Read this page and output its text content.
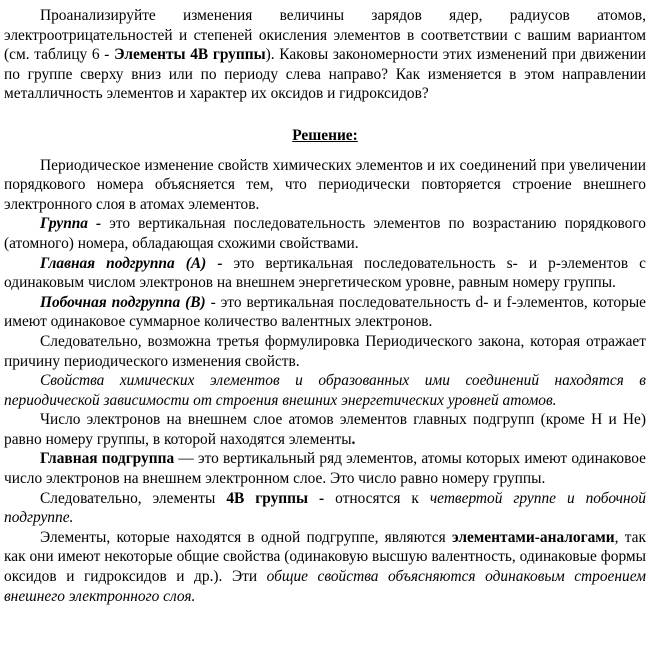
Проанализируйте изменения величины зарядов ядер, радиусов атомов, электроотрицательностей и степеней окисления элементов в соответствии с вашим вариантом (см. таблицу 6 - Элементы 4В группы). Каковы закономерности этих изменений при движении по группе сверху вниз или по периоду слева направо? Как изменяется в этом направлении металличность элементов и характер их оксидов и гидроксидов?

Решение:

Периодическое изменение свойств химических элементов и их соединений при увеличении порядкового номера объясняется тем, что периодически повторяется строение внешнего электронного слоя в атомах элементов.

Группа - это вертикальная последовательность элементов по возрастанию порядкового (атомного) номера, обладающая схожими свойствами.

Главная подгруппа (А) - это вертикальная последовательность s- и p-элементов с одинаковым числом электронов на внешнем энергетическом уровне, равным номеру группы.

Побочная подгруппа (В) - это вертикальная последовательность d- и f-элементов, которые имеют одинаковое суммарное количество валентных электронов.

Следовательно, возможна третья формулировка Периодического закона, которая отражает причину периодического изменения свойств.

Свойства химических элементов и образованных ими соединений находятся в периодической зависимости от строения внешних энергетических уровней атомов.

Число электронов на внешнем слое атомов элементов главных подгрупп (кроме H и He) равно номеру группы, в которой находятся элементы.

Главная подгруппа — это вертикальный ряд элементов, атомы которых имеют одинаковое число электронов на внешнем электронном слое. Это число равно номеру группы.

Следовательно, элементы 4В группы - относятся к четвертой группе и побочной подгруппе.

Элементы, которые находятся в одной подгруппе, являются элементами-аналогами, так как они имеют некоторые общие свойства (одинаковую высшую валентность, одинаковые формы оксидов и гидроксидов и др.). Эти общие свойства объясняются одинаковым строением внешнего электронного слоя.
